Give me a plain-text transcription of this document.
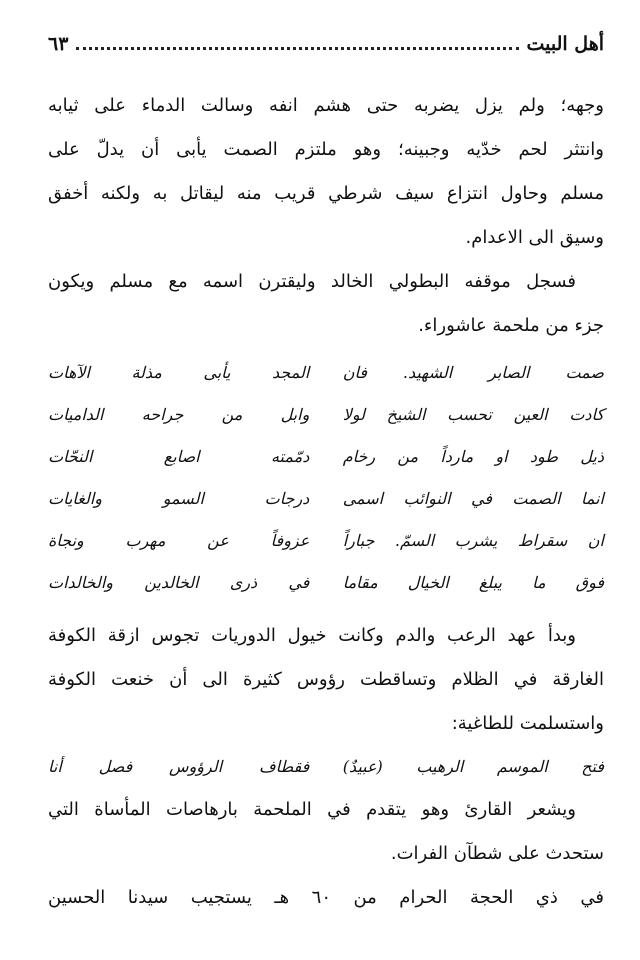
أهل البيت
٦٣
وجهه؛ ولم يزل يضربه حتى هشم انفه وسالت الدماء على ثيابه
وانتثر لحم خدّيه وجبينه؛ وهو ملتزم الصمت يأبى أن يدلّ على
مسلم وحاول انتزاع سيف شرطي قريب منه ليقاتل به ولكنه أخفق
وسيق الى الاعدام.
فسجل موقفه البطولي الخالد وليقترن اسمه مع مسلم ويكون
جزء من ملحمة عاشوراء.
صمت الصابر الشهيد. فان
المجد يأبى مذلة الآهات
كادت العين تحسب الشيخ لولا
وابل من جراحه الداميات
ذيل طود او مارداً من رخام
دمّمته اصابع النحّات
انما الصمت في النوائب اسمى
درجات السمو والغايات
ان سقراط يشرب السمّ. جباراً
عزوفاً عن مهرب ونجاة
فوق ما يبلغ الخيال مقاما
في ذرى الخالدين والخالدات
وبدأ عهد الرعب والدم وكانت خيول الدوريات تجوس ازقة الكوفة
الغارقة في الظلام وتساقطت رؤوس كثيرة الى أن خنعت الكوفة
واستسلمت للطاغية:
فتح الموسم الرهيب (عبيدٌ)
فقطاف الرؤوس فصل أنا
ويشعر القارئ وهو يتقدم في الملحمة بارهاصات المأساة التي
ستحدث على شطآن الفرات.
في ذي الحجة الحرام من ٦٠ هـ يستجيب سيدنا الحسين
